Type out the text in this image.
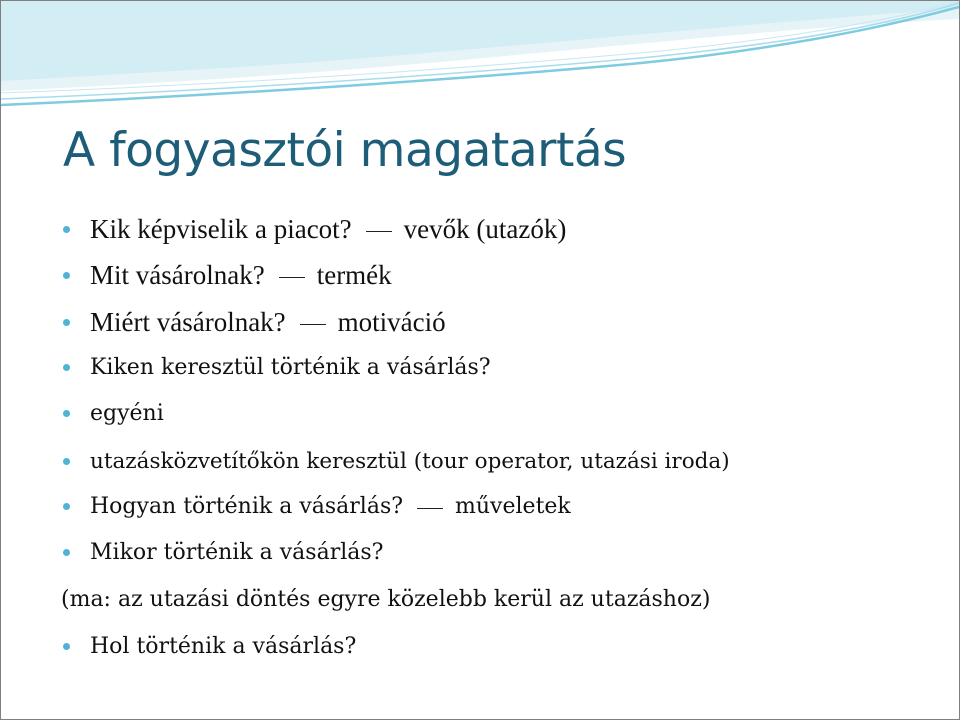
A fogyasztói magatartás
Kik képviselik a piacot? vevők (utazók)
Mit vásárolnak? termék
Miért vásárolnak? motiváció
Kiken keresztül történik a vásárlás?
egyéni
utazásközvetítőkön keresztül (tour operator, utazási iroda)
Hogyan történik a vásárlás? műveletek
Mikor történik a vásárlás?
(ma: az utazási döntés egyre közelebb kerül az utazáshoz)
Hol történik a vásárlás?
